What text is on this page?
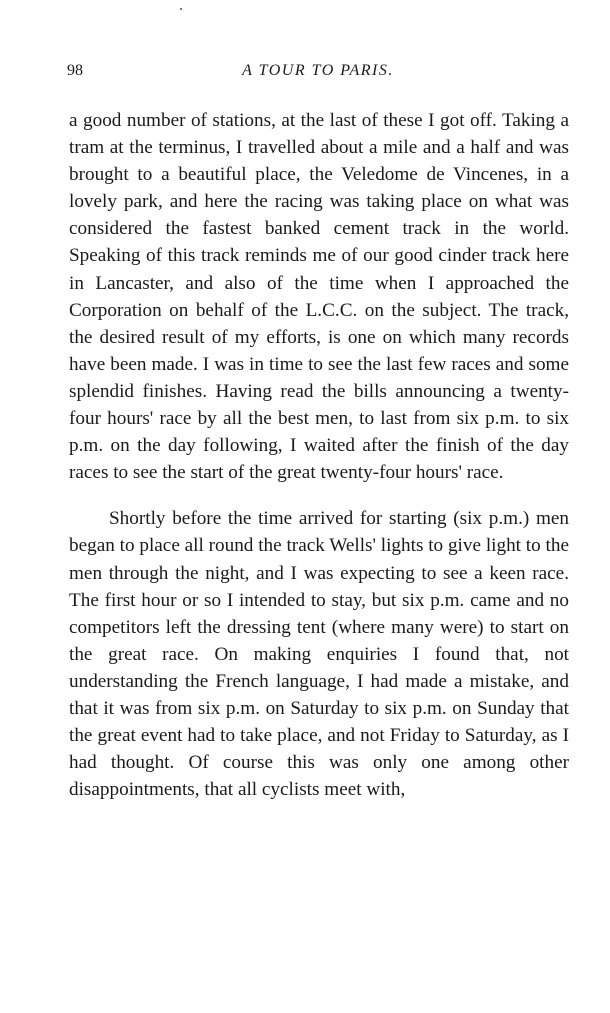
98	A TOUR TO PARIS.

a good number of stations, at the last of these I got off. Taking a tram at the terminus, I travelled about a mile and a half and was brought to a beautiful place, the Veledome de Vincenes, in a lovely park, and here the racing was taking place on what was considered the fastest banked cement track in the world. Speaking of this track reminds me of our good cinder track here in Lancaster, and also of the time when I approached the Corporation on behalf of the L.C.C. on the subject. The track, the desired result of my efforts, is one on which many records have been made. I was in time to see the last few races and some splendid finishes. Having read the bills announcing a twenty-four hours' race by all the best men, to last from six p.m. to six p.m. on the day following, I waited after the finish of the day races to see the start of the great twenty-four hours' race.

Shortly before the time arrived for starting (six p.m.) men began to place all round the track Wells' lights to give light to the men through the night, and I was expecting to see a keen race. The first hour or so I intended to stay, but six p.m. came and no competitors left the dressing tent (where many were) to start on the great race. On making enquiries I found that, not understanding the French language, I had made a mistake, and that it was from six p.m. on Saturday to six p.m. on Sunday that the great event had to take place, and not Friday to Saturday, as I had thought. Of course this was only one among other disappointments, that all cyclists meet with,
